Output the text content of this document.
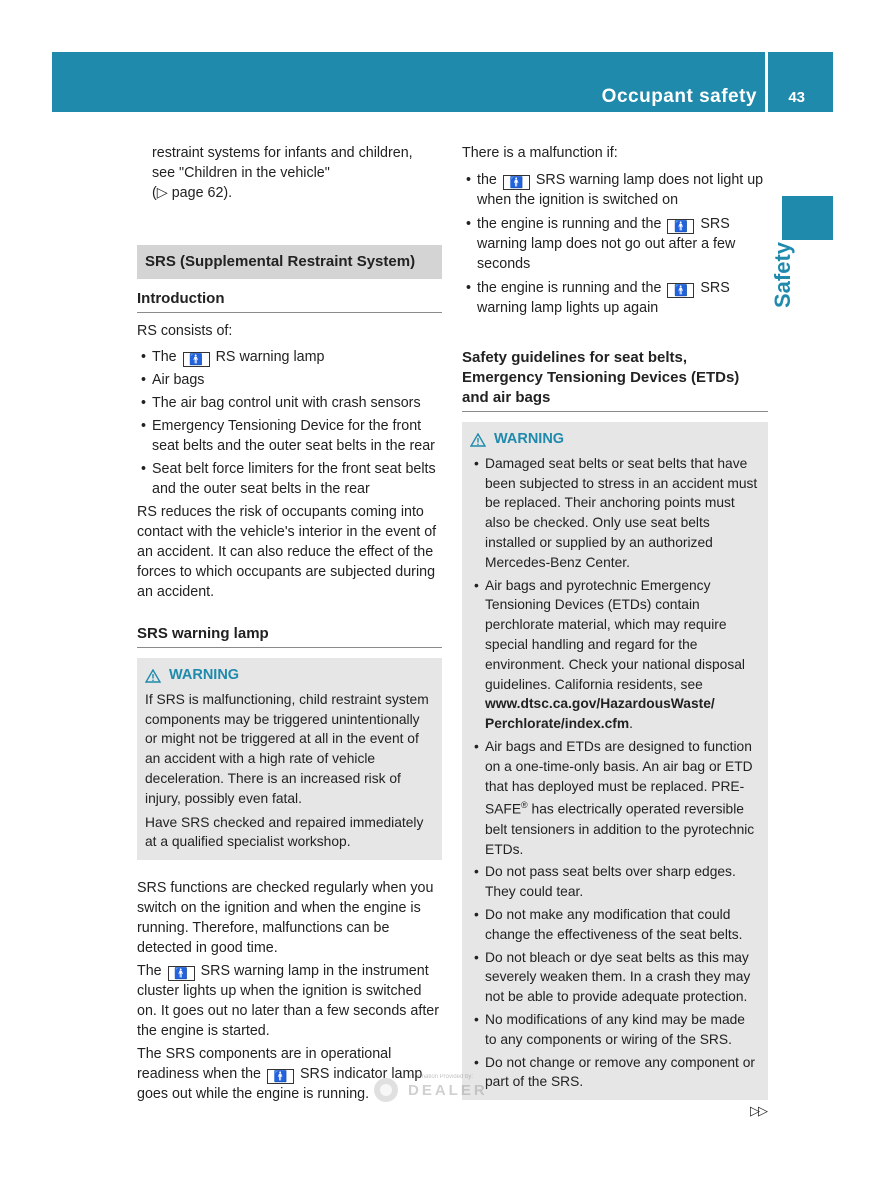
Occupant safety 43
Safety

restraint systems for infants and children,

see "Children in the vehicle"

(▷ page 62).

SRS (Supplemental Restraint System)

Introduction

RS consists of:

• The 🚹 RS warning lamp

• Air bags

• The air bag control unit with crash sensors

• Emergency Tensioning Device for the front seat belts and the outer seat belts in the rear

• Seat belt force limiters for the front seat belts and the outer seat belts in the rear

RS reduces the risk of occupants coming into contact with the vehicle's interior in the event of an accident. It can also reduce the effect of the forces to which occupants are subjected during an accident.

SRS warning lamp

WARNING

If SRS is malfunctioning, child restraint system components may be triggered unintentionally or might not be triggered at all in the event of an accident with a high rate of vehicle deceleration. There is an increased risk of injury, possibly even fatal.

Have SRS checked and repaired immediately at a qualified specialist workshop.

SRS functions are checked regularly when you switch on the ignition and when the engine is running. Therefore, malfunctions can be detected in good time.

The 🚹 SRS warning lamp in the instrument cluster lights up when the ignition is switched on. It goes out no later than a few seconds after the engine is started.

The SRS components are in operational readiness when the 🚹 SRS indicator lamp goes out while the engine is running.

There is a malfunction if:

• the 🚹 SRS warning lamp does not light up when the ignition is switched on

• the engine is running and the 🚹 SRS warning lamp does not go out after a few seconds

• the engine is running and the 🚹 SRS warning lamp lights up again

Safety guidelines for seat belts, Emergency Tensioning Devices (ETDs) and air bags

WARNING

• Damaged seat belts or seat belts that have been subjected to stress in an accident must be replaced. Their anchoring points must also be checked. Only use seat belts installed or supplied by an authorized Mercedes-Benz Center.

• Air bags and pyrotechnic Emergency Tensioning Devices (ETDs) contain perchlorate material, which may require special handling and regard for the environment. Check your national disposal guidelines. California residents, see www.dtsc.ca.gov/HazardousWaste/ Perchlorate/index.cfm.

• Air bags and ETDs are designed to function on a one-time-only basis. An air bag or ETD that has deployed must be replaced. PRE-SAFE® has electrically operated reversible belt tensioners in addition to the pyrotechnic ETDs.

• Do not pass seat belts over sharp edges. They could tear.

• Do not make any modification that could change the effectiveness of the seat belts.

• Do not bleach or dye seat belts as this may severely weaken them. In a crash they may not be able to provide adequate protection.

• No modifications of any kind may be made to any components or wiring of the SRS.

• Do not change or remove any component or part of the SRS.

Information Provided by:
DEALER
▷▷
